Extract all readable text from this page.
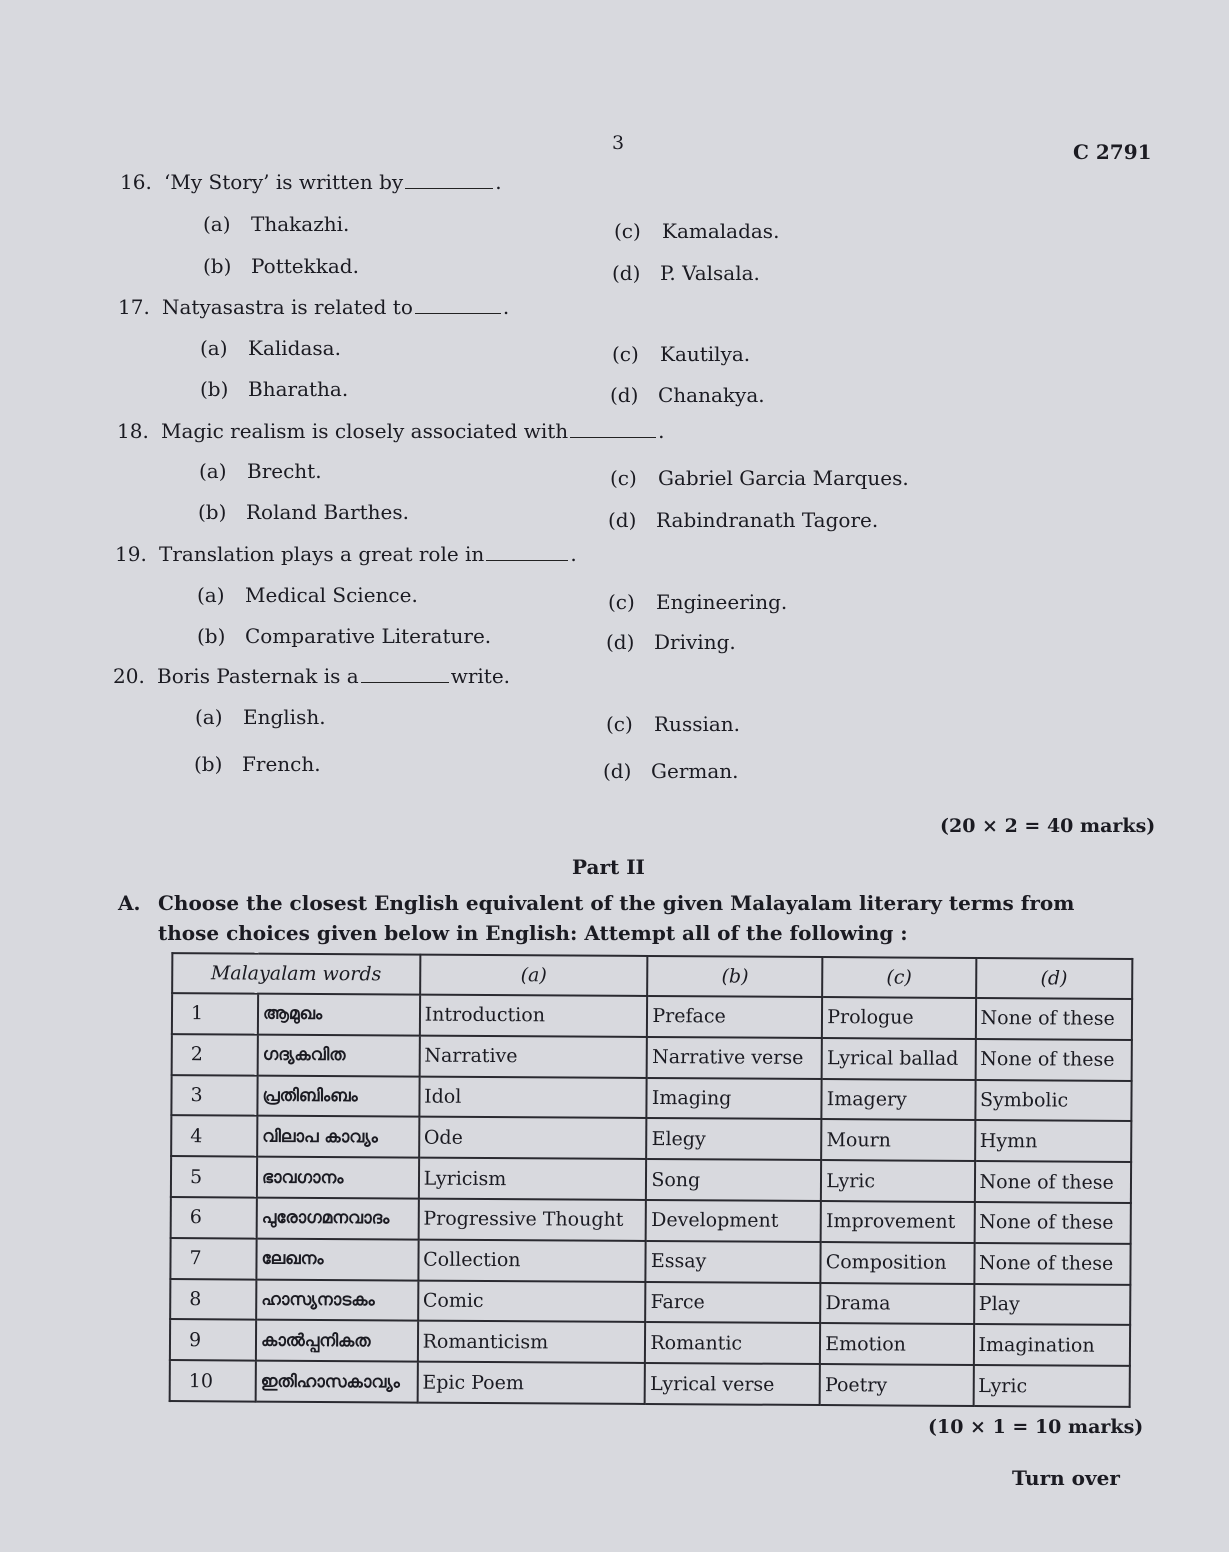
3	C 2791
16. ‘My Story’ is written by	.
(a) Thakazhi.
(b) Pottekkad.
(c) Kamaladas.
(d) P. Valsala.
17. Natyasastra is related to	.
(a) Kalidasa.
(b) Bharatha.
(c) Kautilya.
(d) Chanakya.
18. Magic realism is closely associated with	.
(a) Brecht.
(b) Roland Barthes.
(c) Gabriel Garcia Marques.
(d) Rabindranath Tagore.
19. Translation plays a great role in	.
(a) Medical Science.
(b) Comparative Literature.
(c) Engineering.
(d) Driving.
20. Boris Pasternak is a	write.
(a) English.
(b) French.
(c) Russian.
(d) German.
(20 × 2 = 40 marks)
Part II
A. Choose the closest English equivalent of the given Malayalam literary terms from those choices given below in English: Attempt all of the following :
Malayalam words		(a)	(b)	(c)	(d)
1	ആമുഖം	Introduction	Preface	Prologue	None of these
2	ഗദ്യകവിത	Narrative	Narrative verse	Lyrical ballad	None of these
3	പ്രതിബിംബം	Idol	Imaging	Imagery	Symbolic
4	വിലാപ കാവ്യം	Ode	Elegy	Mourn	Hymn
5	ഭാവഗാനം	Lyricism	Song	Lyric	None of these
6	പുരോഗമനവാദം	Progressive Thought	Development	Improvement	None of these
7	ലേഖനം	Collection	Essay	Composition	None of these
8	ഹാസ്യനാടകം	Comic	Farce	Drama	Play
9	കാൽപ്പനികത	Romanticism	Romantic	Emotion	Imagination
10	ഇതിഹാസകാവ്യം	Epic Poem	Lyrical verse	Poetry	Lyric
(10 × 1 = 10 marks)
Turn over
